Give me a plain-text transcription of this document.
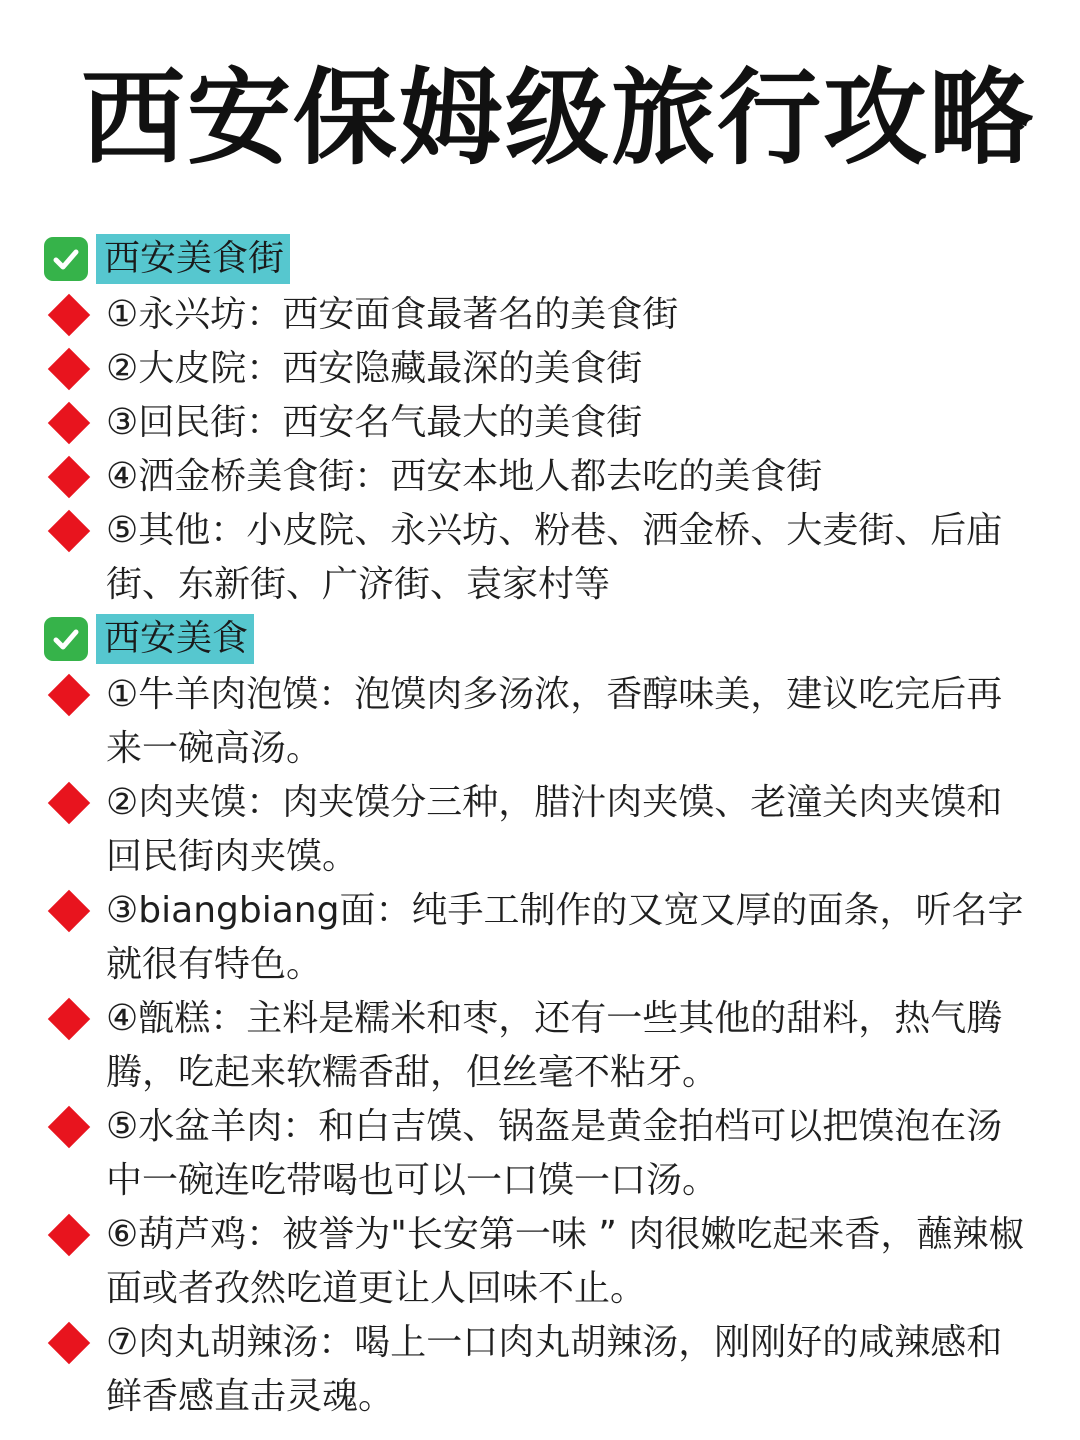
西安保姆级旅行攻略
西安美食街
①永兴坊：西安面食最著名的美食街
②大皮院：西安隐藏最深的美食街
③回民街：西安名气最大的美食街
④洒金桥美食街：西安本地人都去吃的美食街
⑤其他：小皮院、永兴坊、粉巷、洒金桥、大麦街、后庙街、东新街、广济街、袁家村等
西安美食
①牛羊肉泡馍：泡馍肉多汤浓，香醇味美，建议吃完后再来一碗高汤。
②肉夹馍：肉夹馍分三种，腊汁肉夹馍、老潼关肉夹馍和回民街肉夹馍。
③biangbiang面：纯手工制作的又宽又厚的面条，听名字就很有特色。
④甑糕：主料是糯米和枣，还有一些其他的甜料，热气腾腾，吃起来软糯香甜，但丝毫不粘牙。
⑤水盆羊肉：和白吉馍、锅盔是黄金拍档可以把馍泡在汤中一碗连吃带喝也可以一口馍一口汤。
⑥葫芦鸡：被誉为"长安第一味 ” 肉很嫩吃起来香，蘸辣椒面或者孜然吃道更让人回味不止。
⑦肉丸胡辣汤：喝上一口肉丸胡辣汤，刚刚好的咸辣感和鲜香感直击灵魂。
